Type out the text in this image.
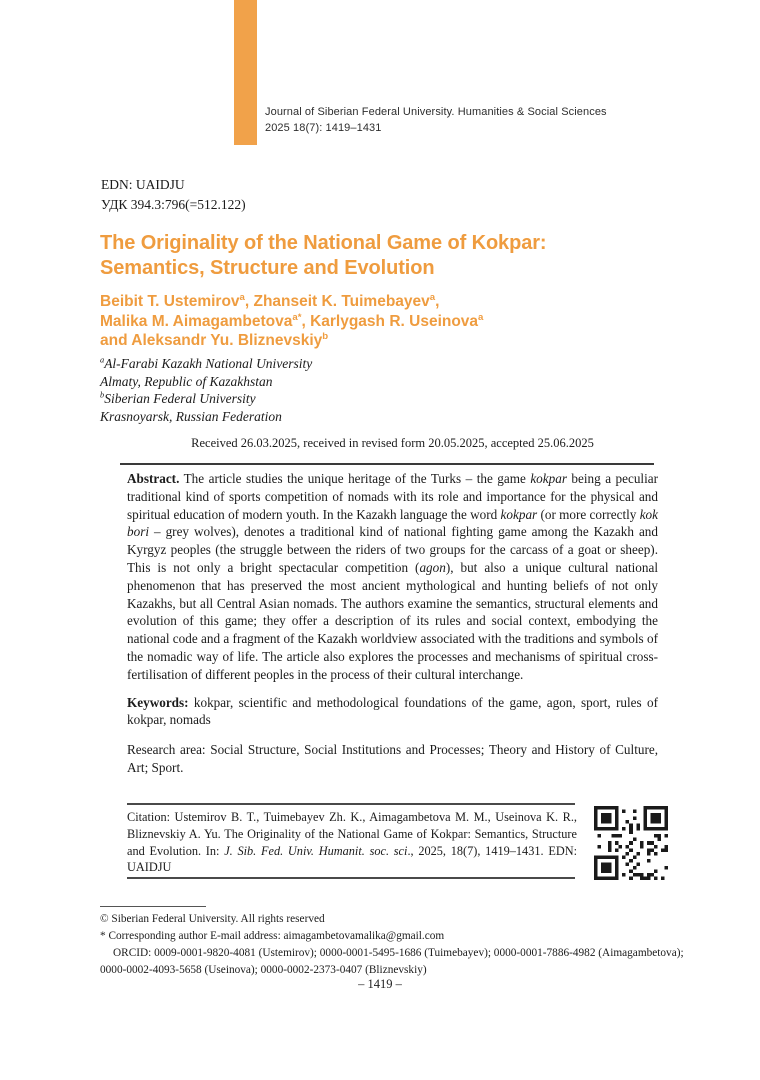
Journal of Siberian Federal University. Humanities & Social Sciences
2025 18(7): 1419–1431
EDN: UAIDJU
УДК 394.3:796(=512.122)
The Originality of the National Game of Kokpar:
Semantics, Structure and Evolution
Beibit T. Ustemirov$^a$, Zhanseit K. Tuimebayev$^a$,
Malika M. Aimagambetova$^{a*}$, Karlygash R. Useinova$^a$
and Aleksandr Yu. Bliznevskiy$^b$
$^a$Al-Farabi Kazakh National University
Almaty, Republic of Kazakhstan
$^b$Siberian Federal University
Krasnoyarsk, Russian Federation
Received 26.03.2025, received in revised form 20.05.2025, accepted 25.06.2025
Abstract. The article studies the unique heritage of the Turks – the game kokpar being a peculiar traditional kind of sports competition of nomads with its role and importance for the physical and spiritual education of modern youth. In the Kazakh language the word kokpar (or more correctly kok bori – grey wolves), denotes a traditional kind of national fighting game among the Kazakh and Kyrgyz peoples (the struggle between the riders of two groups for the carcass of a goat or sheep). This is not only a bright spectacular competition (agon), but also a unique cultural national phenomenon that has preserved the most ancient mythological and hunting beliefs of not only Kazakhs, but all Central Asian nomads. The authors examine the semantics, structural elements and evolution of this game; they offer a description of its rules and social context, embodying the national code and a fragment of the Kazakh worldview associated with the traditions and symbols of the nomadic way of life. The article also explores the processes and mechanisms of spiritual cross-fertilisation of different peoples in the process of their cultural interchange.
Keywords: kokpar, scientific and methodological foundations of the game, agon, sport, rules of kokpar, nomads
Research area: Social Structure, Social Institutions and Processes; Theory and History of Culture, Art; Sport.
Citation: Ustemirov B. T., Tuimebayev Zh. K., Aimagambetova M. M., Useinova K. R., Bliznevskiy A. Yu. The Originality of the National Game of Kokpar: Semantics, Structure and Evolution. In: J. Sib. Fed. Univ. Humanit. soc. sci., 2025, 18(7), 1419–1431. EDN: UAIDJU
© Siberian Federal University. All rights reserved
* Corresponding author E-mail address: aimagambetovamalika@gmail.com
ORCID: 0009-0001-9820-4081 (Ustemirov); 0000-0001-5495-1686 (Tuimebayev); 0000-0001-7886-4982 (Aimagambetova);
0000-0002-4093-5658 (Useinova); 0000-0002-2373-0407 (Bliznevskiy)
– 1419 –
